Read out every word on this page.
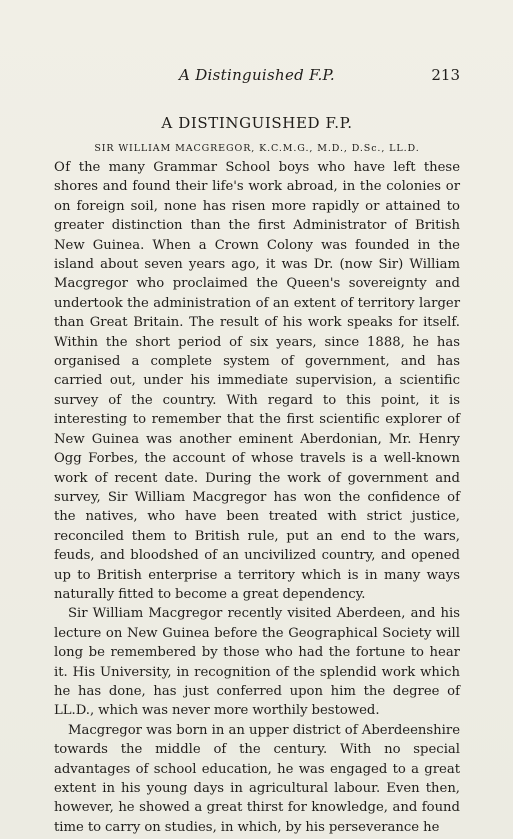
A Distinguished F.P.	213
A DISTINGUISHED F.P.
SIR WILLIAM MACGREGOR, K.C.M.G., M.D., D.Sc., LL.D.

Of the many Grammar School boys who have left these shores and found their life's work abroad, in the colonies or on foreign soil, none has risen more rapidly or attained to greater distinction than the first Administrator of British New Guinea. When a Crown Colony was founded in the island about seven years ago, it was Dr. (now Sir) William Macgregor who proclaimed the Queen's sovereignty and undertook the administration of an extent of territory larger than Great Britain. The result of his work speaks for itself. Within the short period of six years, since 1888, he has organised a complete system of government, and has carried out, under his immediate supervision, a scientific survey of the country. With regard to this point, it is interesting to remember that the first scientific explorer of New Guinea was another eminent Aberdonian, Mr. Henry Ogg Forbes, the account of whose travels is a well-known work of recent date. During the work of government and survey, Sir William Macgregor has won the confidence of the natives, who have been treated with strict justice, reconciled them to British rule, put an end to the wars, feuds, and bloodshed of an uncivilized country, and opened up to British enterprise a territory which is in many ways naturally fitted to become a great dependency.

Sir William Macgregor recently visited Aberdeen, and his lecture on New Guinea before the Geographical Society will long be remembered by those who had the fortune to hear it. His University, in recognition of the splendid work which he has done, has just conferred upon him the degree of LL.D., which was never more worthily bestowed.

Macgregor was born in an upper district of Aberdeenshire towards the middle of the century. With no special advantages of school education, he was engaged to a great extent in his young days in agricultural labour. Even then, however, he showed a great thirst for knowledge, and found time to carry on studies, in which, by his perseverance he
